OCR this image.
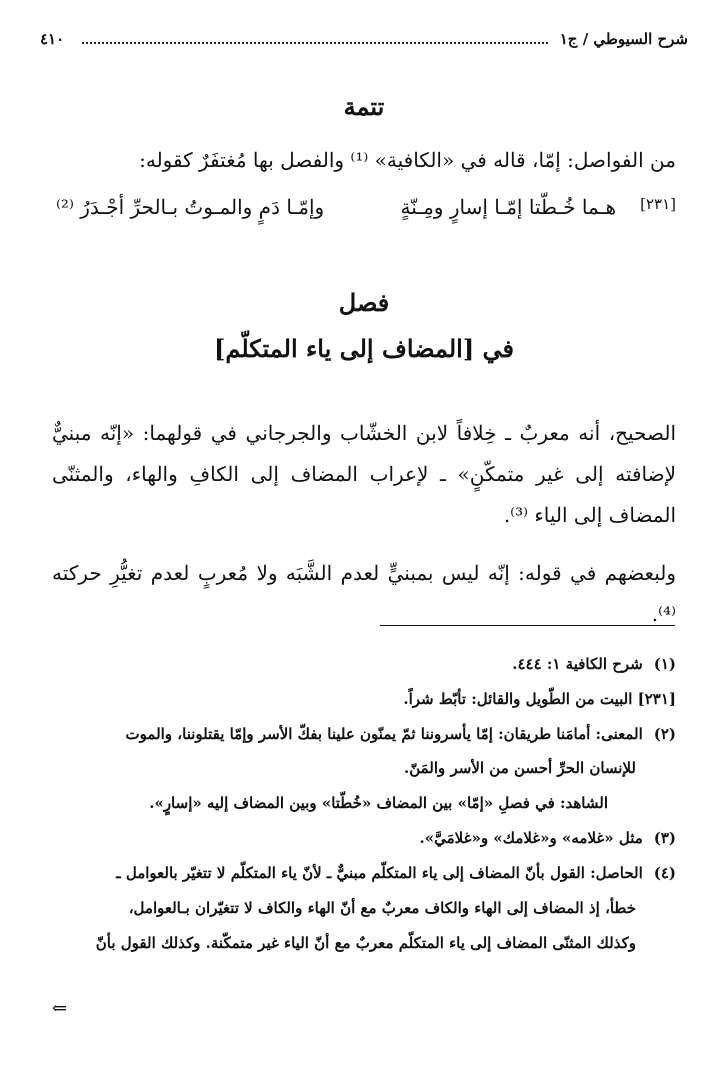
شرح السيوطي / ج١
٤١٠
تتمة
من الفواصل: إمّا، قاله في «الكافية» ⁽¹⁾ والفصل بها مُغتفَرٌ كقوله:
[٢٣١]
هـما خُـطّتا إمّـا إسارٍ ومِـنّةٍ
وإمّـا دَمٍ والمـوتُ بـالحرِّ أجْـدَرُ ⁽²⁾
فصل
في [المضاف إلى ياء المتكلّم]
الصحيح، أنه معربٌ ـ خِلافاً لابن الخشّاب والجرجاني في قولهما: «إنّه مبنيٌّ لإضافته إلى غير متمكّنٍ» ـ لإعراب المضاف إلى الكافِ والهاء، والمثنّى المضاف إلى الياء ⁽³⁾.
ولبعضهم في قوله: إنّه ليس بمبنيٍّ لعدم الشَّبَه ولا مُعربٍ لعدم تغيُّرِ حركته ⁽⁴⁾.
(١) شرح الكافية ١: ٤٤٤.
[٢٣١] البيت من الطّويل والقائل: تأبّط شراً.
(٢) المعنى: أمامَنا طريقان: إمّا يأسروننا ثمّ يمنّون علينا بفكّ الأسر وإمّا يقتلوننا، والموت
للإنسان الحرِّ أحسن من الأسر والمَنّ.
الشاهد: في فصلِ «إمّا» بين المضاف «خُطّتا» وبين المضاف إليه «إسارٍ».
(٣) مثل «غلامه» و«غلامك» و«غلامَيَّ».
(٤) الحاصل: القول بأنّ المضاف إلى ياء المتكلّم مبنيٌّ ـ لأنّ ياء المتكلّم لا تتغيّر بالعوامل ـ
خطأ، إذ المضاف إلى الهاء والكاف معربٌ مع أنّ الهاء والكاف لا تتغيّران بـالعوامل،
وكذلك المثنّى المضاف إلى ياء المتكلّم معربٌ مع أنّ الياء غير متمكّنة. وكذلك القول بأنّ
⇐
